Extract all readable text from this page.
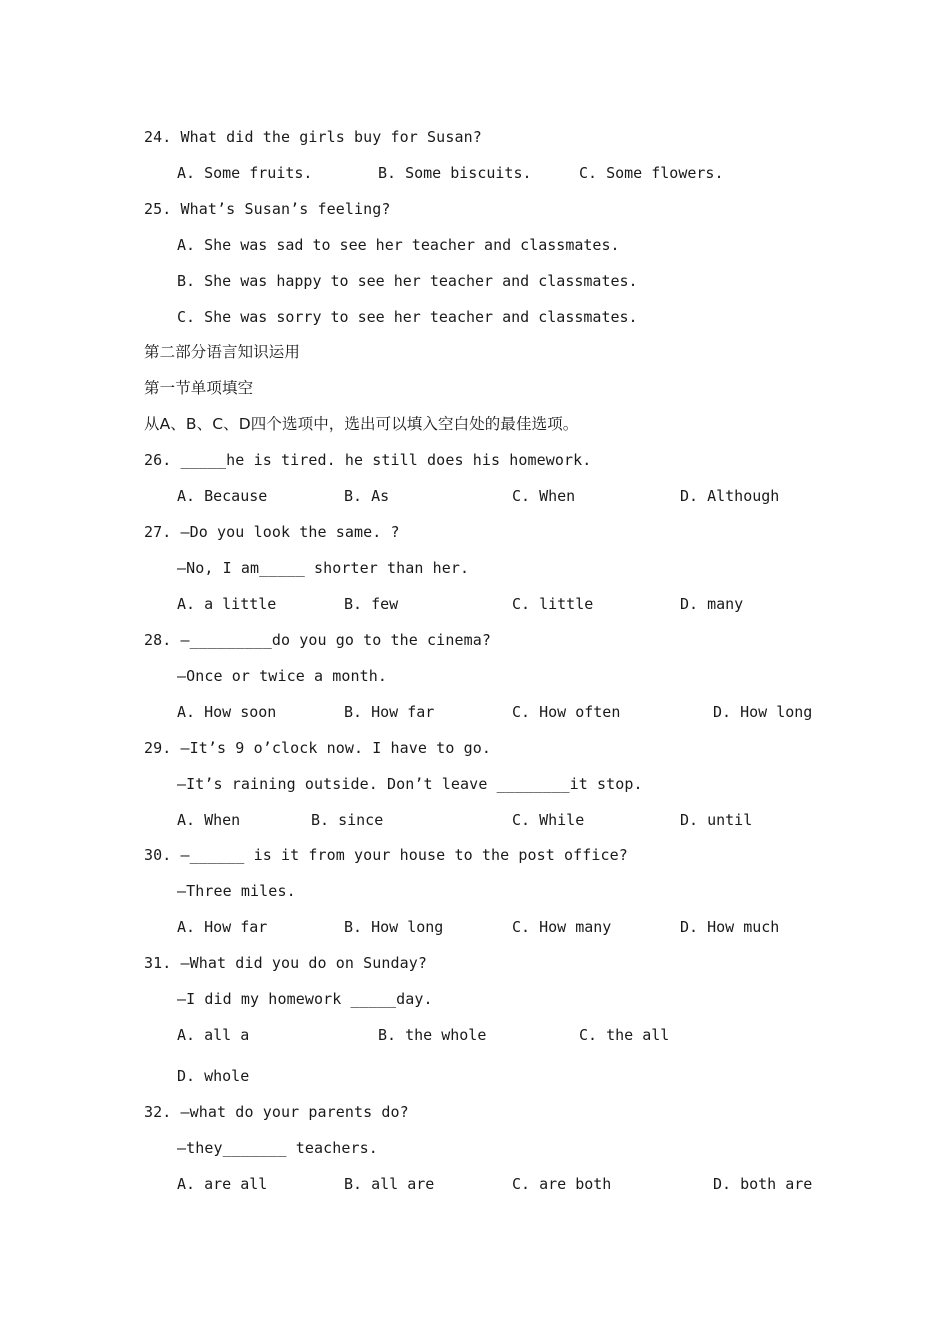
24. What did the girls buy for Susan?
A. Some fruits.	B. Some biscuits.	C. Some flowers.
25. What’s Susan’s feeling?
A. She was sad to see her teacher and classmates.
B. She was happy to see her teacher and classmates.
C. She was sorry to see her teacher and classmates.
第二部分语言知识运用
第一节单项填空
从A、B、C、D四个选项中，选出可以填入空白处的最佳选项。
26. _____he is tired. he still does his homework.
A. Because	B. As	C. When	D. Although
27. —Do you look the same. ?
—No, I am_____ shorter than her.
A. a little	B. few	C. little	D. many
28. —_________do you go to the cinema?
—Once or twice a month.
A. How soon	B. How far	C. How often	D. How long
29. —It’s 9 o’clock now. I have to go.
—It’s raining outside. Don’t leave ________it stop.
A. When	B. since	C. While	D. until
30. —______ is it from your house to the post office?
—Three miles.
A. How far	B. How long	C. How many	D. How much
31. —What did you do on Sunday?
—I did my homework _____day.
A. all a	B. the whole	C. the all
D. whole
32. —what do your parents do?
—they_______ teachers.
A. are all	B. all are	C. are both	D. both are
